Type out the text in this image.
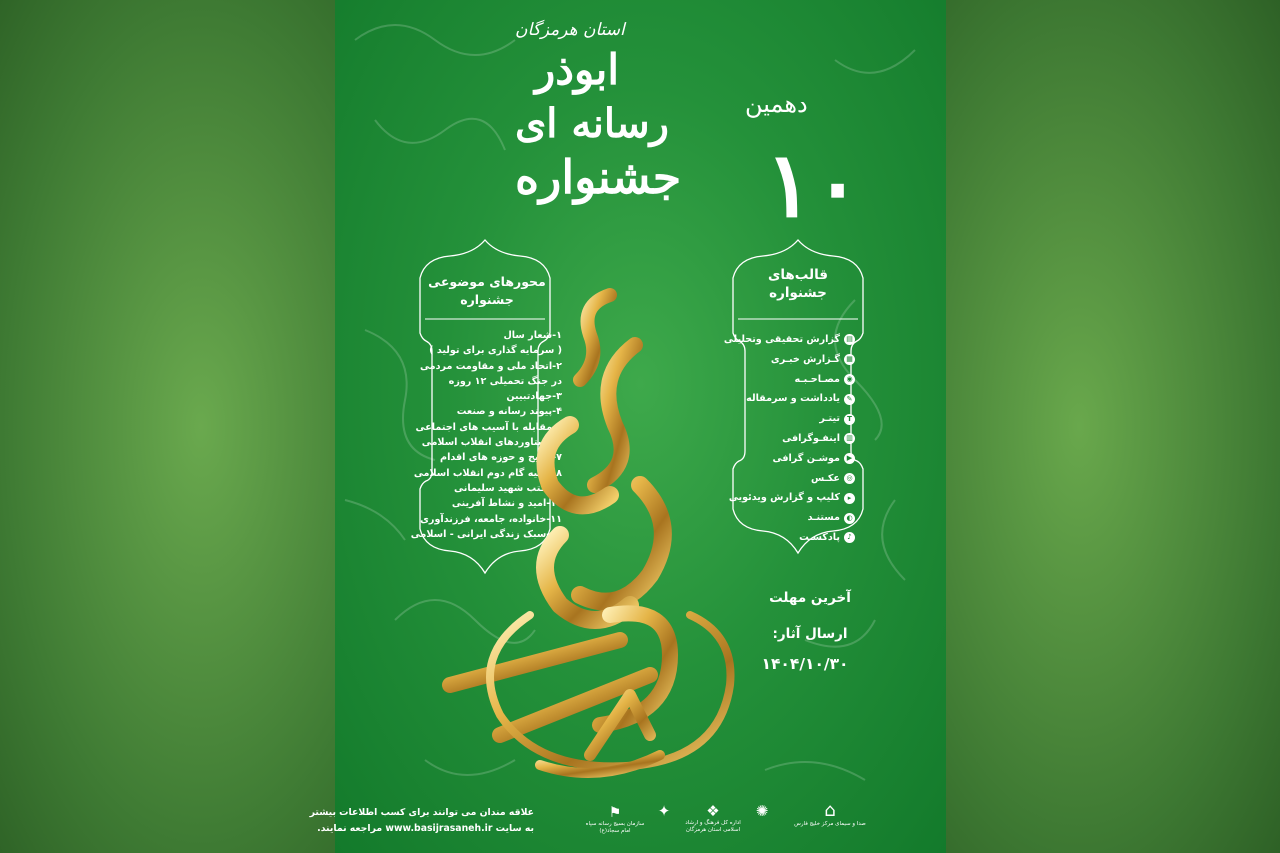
استان هرمزگان
ابوذر
رسانه ای
جشنواره
دهمین
۱۰
محورهای موضوعی جشنواره
۱-شعار سال
( سرمایه گذاری برای تولید )
۲-اتحاد ملی و مقاومت مردمی
در جنگ تحمیلی ۱۲ روزه
۳-جهادتبیین
۴-پیوند رسانه و صنعت
۵-مقابله با آسیب های اجتماعی
۶-دستاوردهای انقلاب اسلامی
۷-بسیج و حوزه های اقدام
۸-بیانیه گام دوم انقلاب اسلامی
۹-مکتب شهید سلیمانی
۱۰-امید و نشاط آفرینی
۱۱-خانواده، جامعه، فرزندآوری
۱۲-سبک زندگی ایرانی - اسلامی
قالب‌های جشنواره
▤
گزارش تحقیقی وتحلیلی
▦
گـزارش خبـری
◉
مصـاحـبـه
✎
یادداشت و سرمقاله
T
تیتـر
▥
اینفـوگرافی
▶
موشـن گرافی
◎
عکـس
▸
کلیپ و گزارش ویدئویی
◐
مستنـد
♪
پادکسـت
آخرین مهلت
ارسال آثار:
۱۴۰۴/۱۰/۳۰
علاقه مندان می توانند برای کسب اطلاعات بیشتر
به سایت www.basijrasaneh.ir مراجعه نمایند.
⚑
سازمان بسیج رسانه سپاه امام سجاد(ع)
✦	❖
اداره کل فرهنگ و ارشاد اسلامی استان هرمزگان
✺	⌂
صدا و سیمای مرکز خلیج فارس
